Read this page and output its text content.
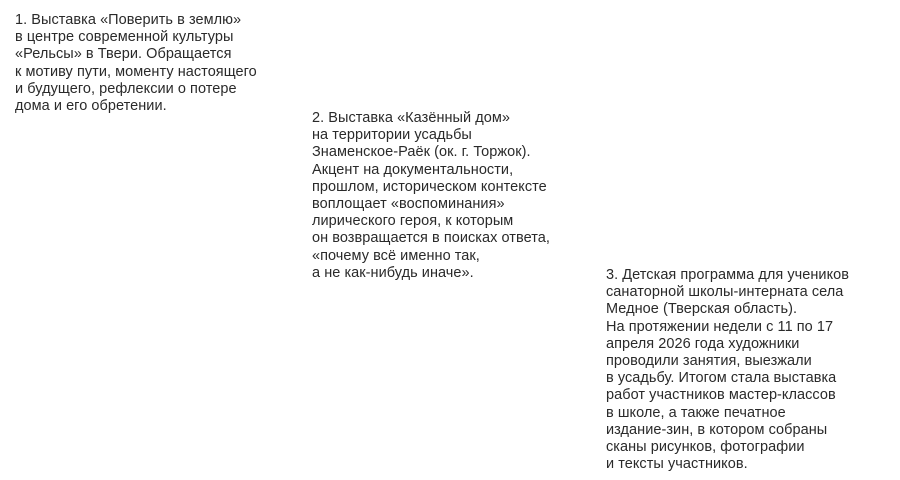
1. Выставка «Поверить в землю»
в центре современной культуры
«Рельсы» в Твери. Обращается
к мотиву пути, моменту настоящего
и будущего, рефлексии о потере
дома и его обретении.

2. Выставка «Казённый дом»
на территории усадьбы
Знаменское-Раёк (ок. г. Торжок).
Акцент на документальности,
прошлом, историческом контексте
воплощает «воспоминания»
лирического героя, к которым
он возвращается в поисках ответа,
«почему всё именно так,
а не как-нибудь иначе».	3. Детская программа для учеников
санаторной школы-интерната села
Медное (Тверская область).
На протяжении недели с 11 по 17
апреля 2026 года художники
проводили занятия, выезжали
в усадьбу. Итогом стала выставка
работ участников мастер-классов
в школе, а также печатное
издание-зин, в котором собраны
сканы рисунков, фотографии
и тексты участников.
